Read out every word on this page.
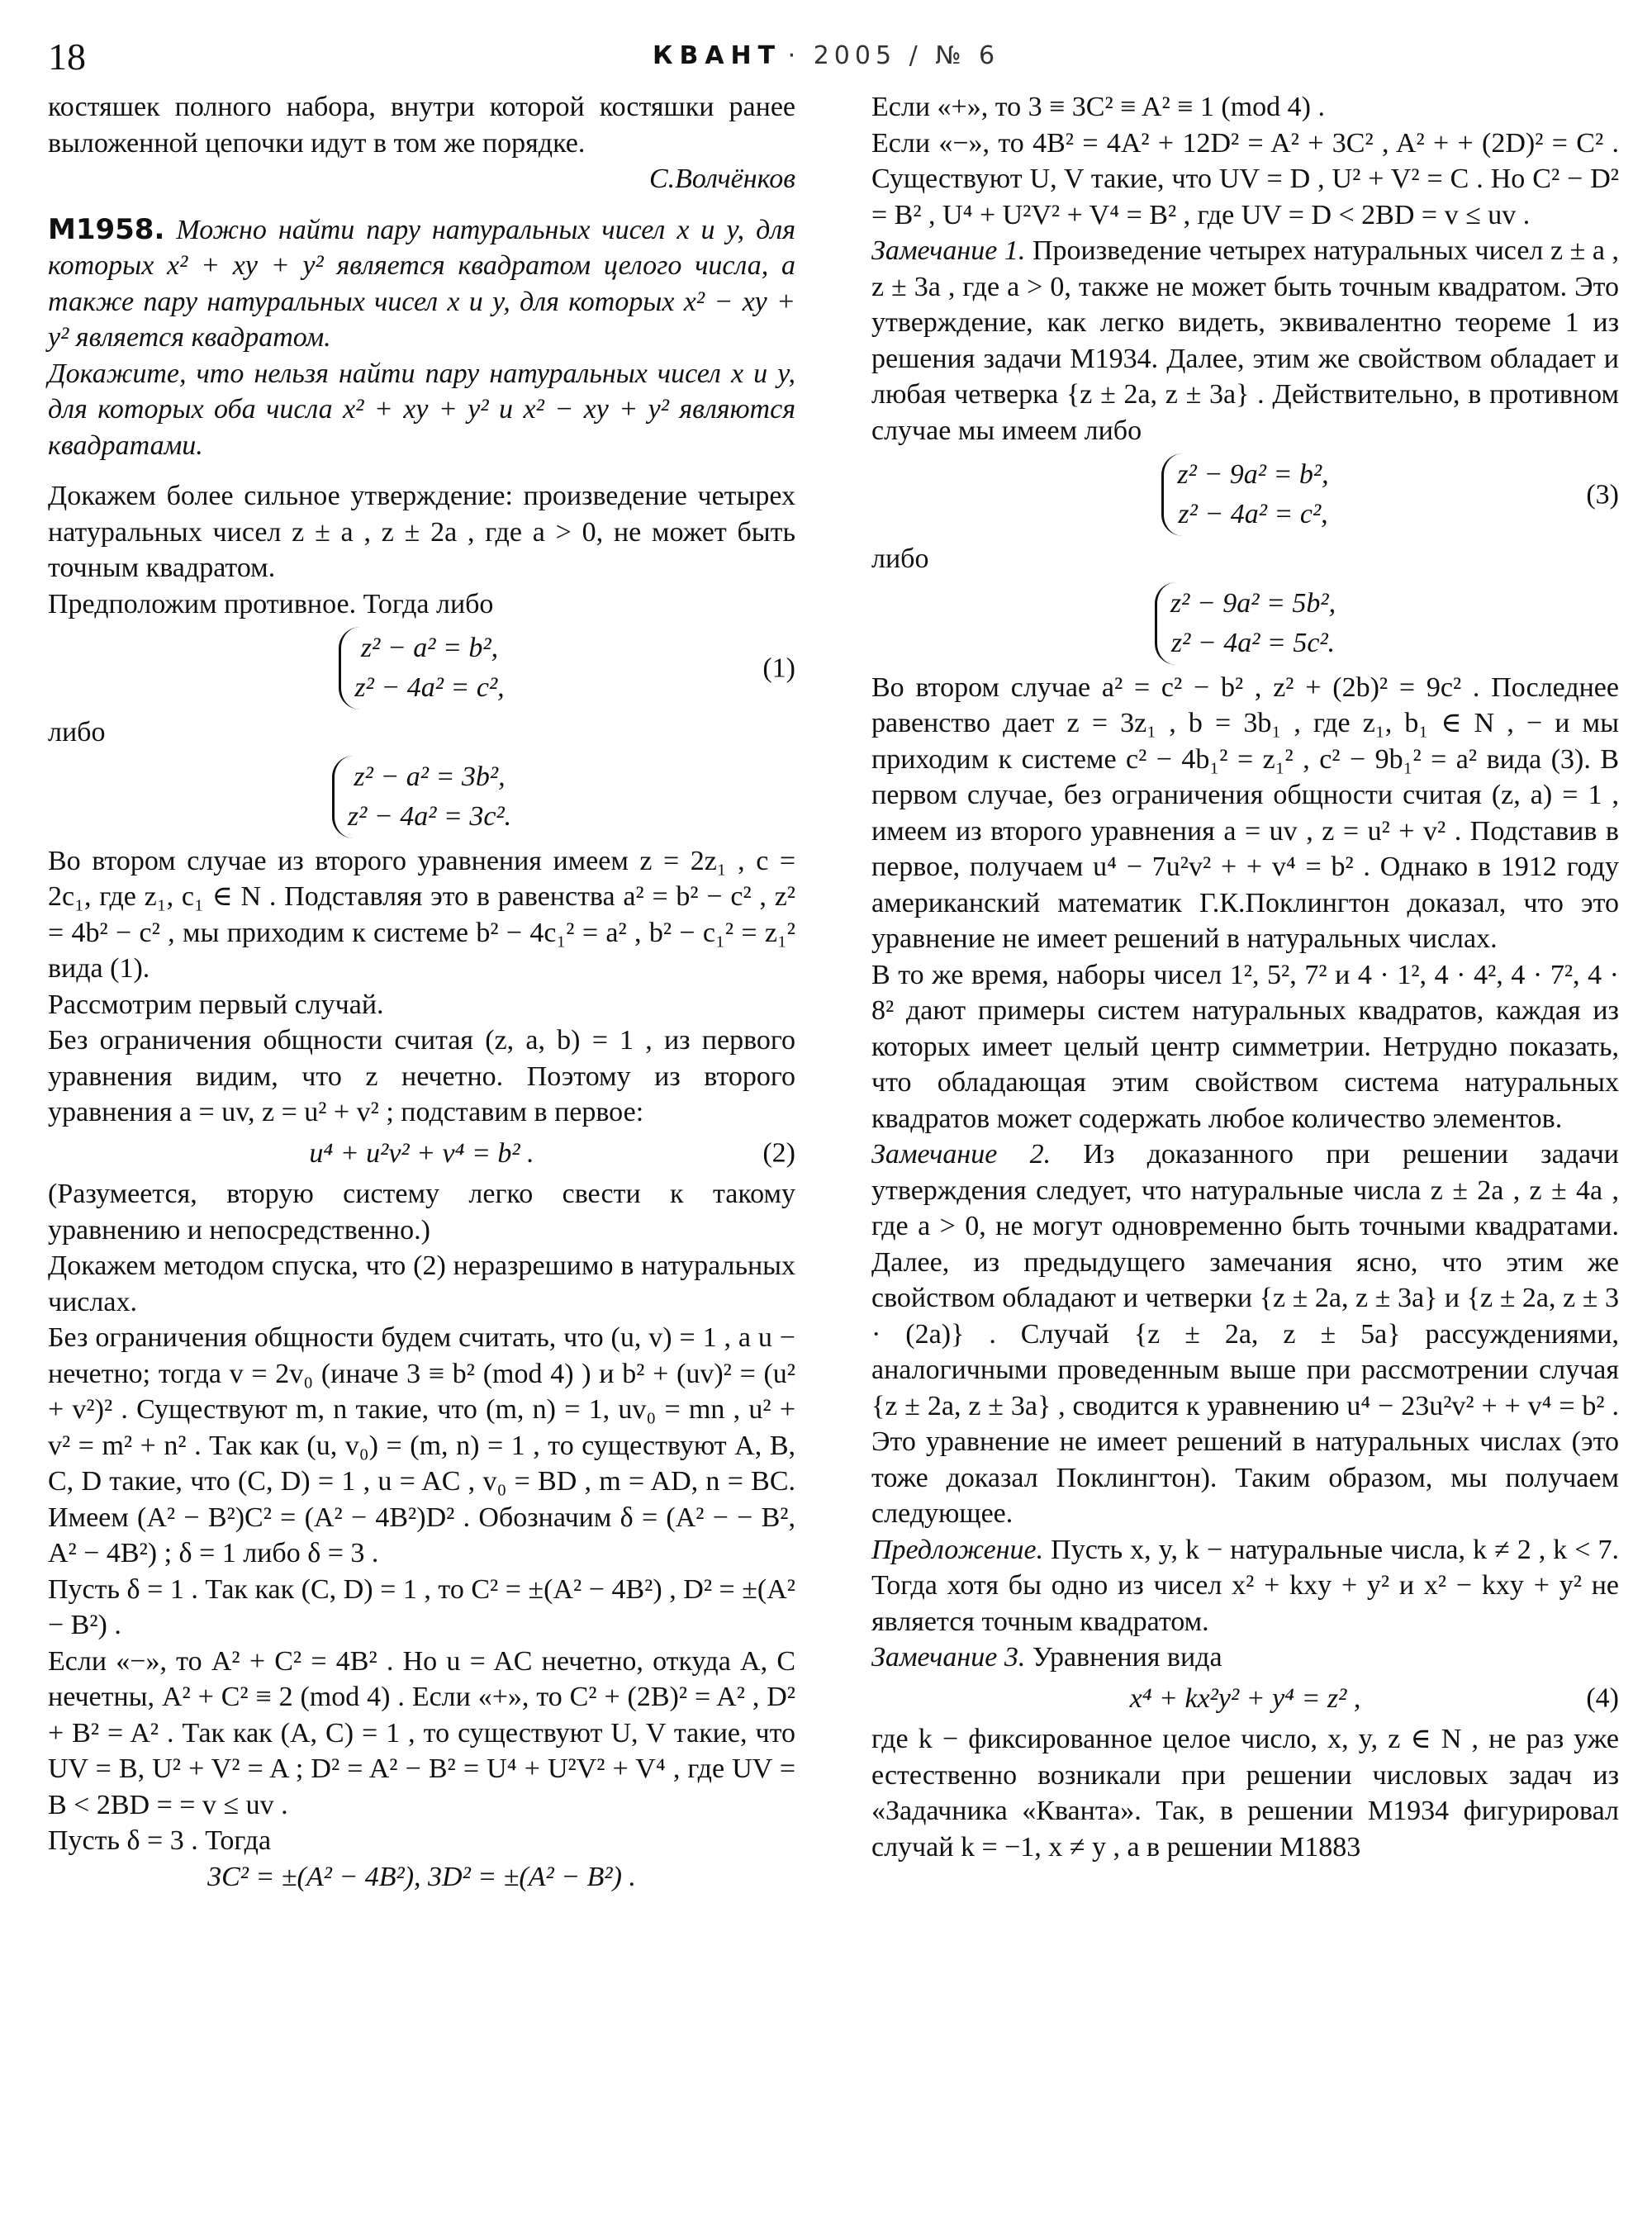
18	КВАНТ · 2005 / № 6

костяшек полного набора, внутри которой костяшки ранее выложенной цепочки идут в том же порядке.

С.Волчёнков

М1958. Можно найти пару натуральных чисел x и y, для которых x² + xy + y² является квадратом целого числа, а также пару натуральных чисел x и y, для которых x² − xy + y² является квадратом.

Докажите, что нельзя найти пару натуральных чисел x и y, для которых оба числа x² + xy + y² и x² − xy + y² являются квадратами.

Докажем более сильное утверждение: произведение четырех натуральных чисел z ± a , z ± 2a , где a > 0, не может быть точным квадратом.

Предположим противное. Тогда либо

z² − a² = b²,
z² − 4a² = c²,
(1)

либо

z² − a² = 3b²,
z² − 4a² = 3c².

Во втором случае из второго уравнения имеем z = 2z₁ , c = 2c₁, где z₁, c₁ ∈ N . Подставляя это в равенства a² = b² − c² , z² = 4b² − c² , мы приходим к системе b² − 4c₁² = a² , b² − c₁² = z₁² вида (1).

Рассмотрим первый случай.

Без ограничения общности считая (z, a, b) = 1 , из первого уравнения видим, что z нечетно. Поэтому из второго уравнения a = uv, z = u² + v² ; подставим в первое:

u⁴ + u²v² + v⁴ = b² .	(2)

(Разумеется, вторую систему легко свести к такому уравнению и непосредственно.)

Докажем методом спуска, что (2) неразрешимо в натуральных числах.

Без ограничения общности будем считать, что (u, v) = 1 , а u − нечетно; тогда v = 2v₀ (иначе 3 ≡ b² (mod 4) ) и b² + (uv)² = (u² + v²)² . Существуют m, n такие, что (m, n) = 1, uv₀ = mn , u² + v² = m² + n² . Так как (u, v₀) = (m, n) = 1 , то существуют A, B, C, D такие, что (C, D) = 1 , u = AC , v₀ = BD , m = AD, n = BC. Имеем (A² − B²)C² = (A² − 4B²)D² . Обозначим δ = (A² − − B², A² − 4B²) ; δ = 1 либо δ = 3 .

Пусть δ = 1 . Так как (C, D) = 1 , то C² = ±(A² − 4B²) , D² = ±(A² − B²) .

Если «−», то A² + C² = 4B² . Но u = AC нечетно, откуда A, C нечетны, A² + C² ≡ 2 (mod 4) . Если «+», то C² + (2B)² = A² , D² + B² = A² . Так как (A, C) = 1 , то существуют U, V такие, что UV = B, U² + V² = A ; D² = A² − B² = U⁴ + U²V² + V⁴ , где UV = B < 2BD = = v ≤ uv .

Пусть δ = 3 . Тогда

3C² = ±(A² − 4B²), 3D² = ±(A² − B²) .

Если «+», то 3 ≡ 3C² ≡ A² ≡ 1 (mod 4) .

Если «−», то 4B² = 4A² + 12D² = A² + 3C² , A² + + (2D)² = C² . Существуют U, V такие, что UV = D , U² + V² = C . Но C² − D² = B² , U⁴ + U²V² + V⁴ = B² , где UV = D < 2BD = v ≤ uv .

Замечание 1. Произведение четырех натуральных чисел z ± a , z ± 3a , где a > 0, также не может быть точным квадратом. Это утверждение, как легко видеть, эквивалентно теореме 1 из решения задачи М1934. Далее, этим же свойством обладает и любая четверка {z ± 2a, z ± 3a} . Действительно, в противном случае мы имеем либо

z² − 9a² = b²,
z² − 4a² = c²,
(3)

либо

z² − 9a² = 5b²,
z² − 4a² = 5c².

Во втором случае a² = c² − b² , z² + (2b)² = 9c² . Последнее равенство дает z = 3z₁ , b = 3b₁ , где z₁, b₁ ∈ N , − и мы приходим к системе c² − 4b₁² = z₁² , c² − 9b₁² = a² вида (3). В первом случае, без ограничения общности считая (z, a) = 1 , имеем из второго уравнения a = uv , z = u² + v² . Подставив в первое, получаем u⁴ − 7u²v² + + v⁴ = b² . Однако в 1912 году американский математик Г.К.Поклингтон доказал, что это уравнение не имеет решений в натуральных числах.

В то же время, наборы чисел 1², 5², 7² и 4 · 1², 4 · 4², 4 · 7², 4 · 8² дают примеры систем натуральных квадратов, каждая из которых имеет целый центр симметрии. Нетрудно показать, что обладающая этим свойством система натуральных квадратов может содержать любое количество элементов.

Замечание 2. Из доказанного при решении задачи утверждения следует, что натуральные числа z ± 2a , z ± 4a , где a > 0, не могут одновременно быть точными квадратами. Далее, из предыдущего замечания ясно, что этим же свойством обладают и четверки {z ± 2a, z ± 3a} и {z ± 2a, z ± 3 · (2a)} . Случай {z ± 2a, z ± 5a} рассуждениями, аналогичными проведенным выше при рассмотрении случая {z ± 2a, z ± 3a} , сводится к уравнению u⁴ − 23u²v² + + v⁴ = b² . Это уравнение не имеет решений в натуральных числах (это тоже доказал Поклингтон). Таким образом, мы получаем следующее.

Предложение. Пусть x, y, k − натуральные числа, k ≠ 2 , k < 7. Тогда хотя бы одно из чисел x² + kxy + y² и x² − kxy + y² не является точным квадратом.

Замечание 3. Уравнения вида

x⁴ + kx²y² + y⁴ = z² ,	(4)

где k − фиксированное целое число, x, y, z ∈ N , не раз уже естественно возникали при решении числовых задач из «Задачника «Кванта». Так, в решении М1934 фигурировал случай k = −1, x ≠ y , а в решении М1883
